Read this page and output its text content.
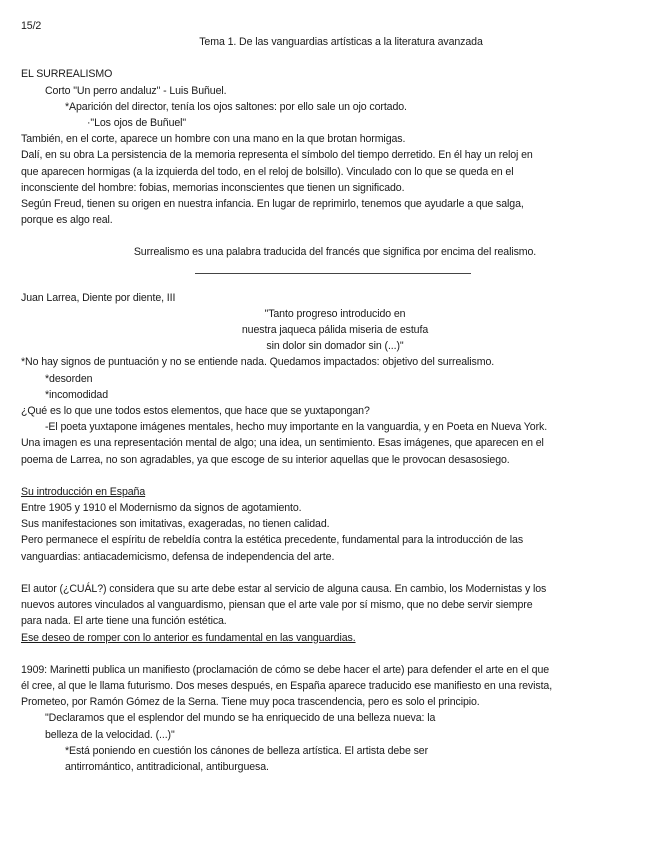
15/2

Tema 1. De las vanguardias artísticas a la literatura avanzada

EL SURREALISMO

Corto "Un perro andaluz" - Luis Buñuel.

*Aparición del director, tenía los ojos saltones: por ello sale un ojo cortado.

·"Los ojos de Buñuel"

También, en el corte, aparece un hombre con una mano en la que brotan hormigas.

Dalí, en su obra La persistencia de la memoria representa el símbolo del tiempo derretido. En él hay un reloj en

que aparecen hormigas (a la izquierda del todo, en el reloj de bolsillo). Vinculado con lo que se queda en el

inconsciente del hombre: fobias, memorias inconscientes que tienen un significado.

Según Freud, tienen su origen en nuestra infancia. En lugar de reprimirlo, tenemos que ayudarle a que salga,

porque es algo real.

Surrealismo es una palabra traducida del francés que significa por encima del realismo.

Juan Larrea, Diente por diente, III

"Tanto progreso introducido en

nuestra jaqueca pálida miseria de estufa

sin dolor sin domador sin (...)"

*No hay signos de puntuación y no se entiende nada. Quedamos impactados: objetivo del surrealismo.

*desorden

*incomodidad

¿Qué es lo que une todos estos elementos, que hace que se yuxtapongan?

-El poeta yuxtapone imágenes mentales, hecho muy importante en la vanguardia, y en Poeta en Nueva York.

Una imagen es una representación mental de algo; una idea, un sentimiento. Esas imágenes, que aparecen en el

poema de Larrea, no son agradables, ya que escoge de su interior aquellas que le provocan desasosiego.

Su introducción en España

Entre 1905 y 1910 el Modernismo da signos de agotamiento.

Sus manifestaciones son imitativas, exageradas, no tienen calidad.

Pero permanece el espíritu de rebeldía contra la estética precedente, fundamental para la introducción de las

vanguardias: antiacademicismo, defensa de independencia del arte.

El autor (¿CUÁL?) considera que su arte debe estar al servicio de alguna causa. En cambio, los Modernistas y los

nuevos autores vinculados al vanguardismo, piensan que el arte vale por sí mismo, que no debe servir siempre

para nada. El arte tiene una función estética.

Ese deseo de romper con lo anterior es fundamental en las vanguardias.

1909: Marinetti publica un manifiesto (proclamación de cómo se debe hacer el arte) para defender el arte en el que

él cree, al que le llama futurismo. Dos meses después, en España aparece traducido ese manifiesto en una revista,

Prometeo, por Ramón Gómez de la Serna. Tiene muy poca trascendencia, pero es solo el principio.

"Declaramos que el esplendor del mundo se ha enriquecido de una belleza nueva: la

belleza de la velocidad. (...)"

*Está poniendo en cuestión los cánones de belleza artística. El artista debe ser

antirromántico, antitradicional, antiburguesa.
